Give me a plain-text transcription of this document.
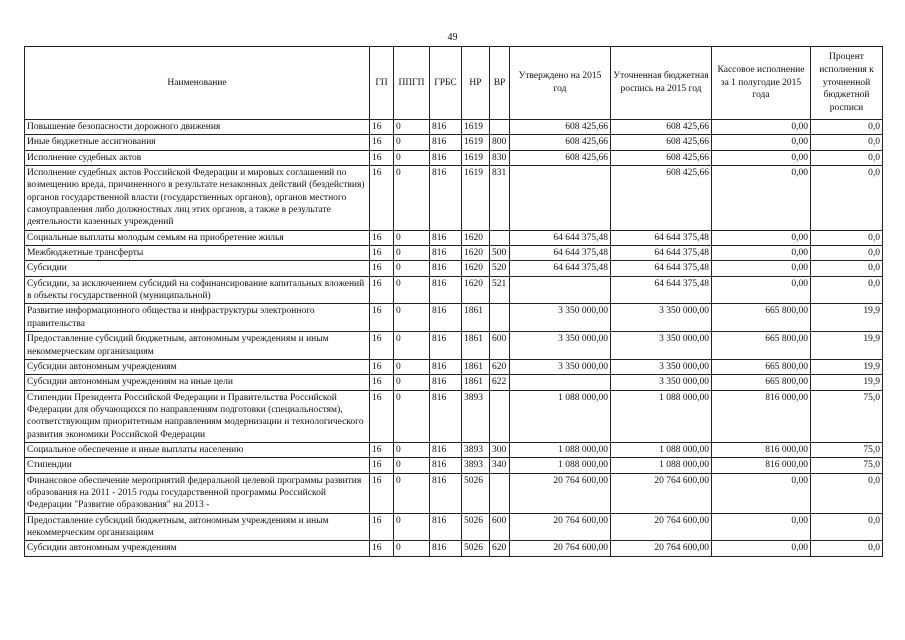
49
Наименование	ГП	ППГП	ГРБС	НР	ВР	Утверждено на 2015 год	Уточненная бюджетная роспись на 2015 год	Кассовое исполнение за 1 полугодие 2015 года	Процент исполнения к уточненной бюджетной росписи
Повышение безопасности дорожного движения	16	0	816	1619		608 425,66	608 425,66	0,00	0,0
Иные бюджетные ассигнования	16	0	816	1619	800	608 425,66	608 425,66	0,00	0,0
Исполнение судебных актов	16	0	816	1619	830	608 425,66	608 425,66	0,00	0,0
Исполнение судебных актов Российской Федерации и мировых соглашений по возмещению вреда, причиненного в результате незаконных действий (бездействия) органов государственной власти (государственных органов), органов местного самоуправления либо должностных лиц этих органов, а также в результате деятельности казенных учреждений	16	0	816	1619	831		608 425,66	0,00	0,0
Социальные выплаты молодым семьям на приобретение жилья	16	0	816	1620		64 644 375,48	64 644 375,48	0,00	0,0
Межбюджетные трансферты	16	0	816	1620	500	64 644 375,48	64 644 375,48	0,00	0,0
Субсидии	16	0	816	1620	520	64 644 375,48	64 644 375,48	0,00	0,0
Субсидии, за исключением субсидий на софинансирование капитальных вложений в объекты государственной (муниципальной)	16	0	816	1620	521		64 644 375,48	0,00	0,0
Развитие информационного общества и инфраструктуры электронного правительства	16	0	816	1861		3 350 000,00	3 350 000,00	665 800,00	19,9
Предоставление субсидий бюджетным, автономным учреждениям и иным некоммерческим организациям	16	0	816	1861	600	3 350 000,00	3 350 000,00	665 800,00	19,9
Субсидии автономным учреждениям	16	0	816	1861	620	3 350 000,00	3 350 000,00	665 800,00	19,9
Субсидии автономным учреждениям на иные цели	16	0	816	1861	622		3 350 000,00	665 800,00	19,9
Стипендии Президента Российской Федерации и Правительства Российской Федерации для обучающихся по направлениям подготовки (специальностям), соответствующим приоритетным направлениям модернизации и технологического развития экономики Российской Федерации	16	0	816	3893		1 088 000,00	1 088 000,00	816 000,00	75,0
Социальное обеспечение и иные выплаты населению	16	0	816	3893	300	1 088 000,00	1 088 000,00	816 000,00	75,0
Стипендии	16	0	816	3893	340	1 088 000,00	1 088 000,00	816 000,00	75,0
Финансовое обеспечение мероприятий федеральной целевой программы развития образования на 2011 - 2015 годы государственной программы Российской Федерации "Развитие образования" на 2013 -	16	0	816	5026		20 764 600,00	20 764 600,00	0,00	0,0
Предоставление субсидий бюджетным, автономным учреждениям и иным некоммерческим организациям	16	0	816	5026	600	20 764 600,00	20 764 600,00	0,00	0,0
Субсидии автономным учреждениям	16	0	816	5026	620	20 764 600,00	20 764 600,00	0,00	0,0
